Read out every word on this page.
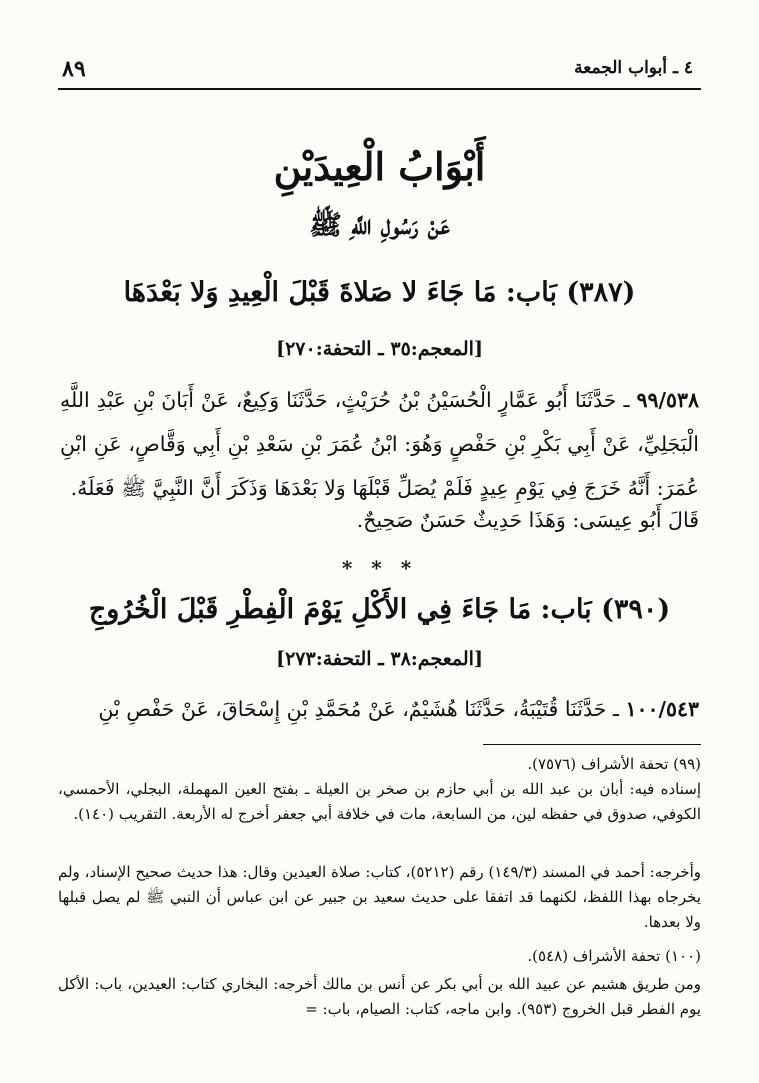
٨٩	٤ ـ أبواب الجمعة
أَبْوَابُ الْعِيدَيْنِ
عَنْ رَسُولِ اللَّهِ ﷺ
(٣٨٧) بَاب: مَا جَاءَ لا صَلاةَ قَبْلَ الْعِيدِ وَلا بَعْدَهَا
[المعجم:٣٥ ـ التحفة:٢٧٠]
٩٩/٥٣٨ ـ حَدَّثَنَا أَبُو عَمَّارٍ الْحُسَيْنُ بْنُ حُرَيْثٍ، حَدَّثَنَا وَكِيعٌ، عَنْ أَبَانَ بْنِ عَبْدِ اللَّهِ الْبَجَلِيِّ، عَنْ أَبِي بَكْرِ بْنِ حَفْصٍ وَهُوَ: ابْنُ عُمَرَ بْنِ سَعْدِ بْنِ أَبِي وَقَّاصٍ، عَنِ ابْنِ عُمَرَ: أَنَّهُ خَرَجَ فِي يَوْمِ عِيدٍ فَلَمْ يُصَلِّ قَبْلَهَا وَلا بَعْدَهَا وَذَكَرَ أَنَّ النَّبِيَّ ﷺ فَعَلَهُ.
قَالَ أَبُو عِيسَى: وَهَذَا حَدِيثٌ حَسَنٌ صَحِيحٌ.
* * *
(٣٩٠) بَاب: مَا جَاءَ فِي الأَكْلِ يَوْمَ الْفِطْرِ قَبْلَ الْخُرُوجِ
[المعجم:٣٨ ـ التحفة:٢٧٣]
١٠٠/٥٤٣ ـ حَدَّثَنَا قُتَيْبَةُ، حَدَّثَنَا هُشَيْمٌ، عَنْ مُحَمَّدِ بْنِ إِسْحَاقَ، عَنْ حَفْصِ بْنِ
(٩٩) تحفة الأشراف (٧٥٧٦).
إسناده فيه: أبان بن عبد الله بن أبي حازم بن صخر بن العيلة ـ بفتح العين المهملة، البجلي، الأحمسي، الكوفي، صدوق في حفظه لين، من السابعة، مات في خلافة أبي جعفر أخرج له الأربعة. التقريب (١٤٠).
وأخرجه: أحمد في المسند (١٤٩/٣) رقم (٥٢١٢)، كتاب: صلاة العيدين وقال: هذا حديث صحيح الإسناد، ولم يخرجاه بهذا اللفظ، لكنهما قد اتفقا على حديث سعيد بن جبير عن ابن عباس أن النبي ﷺ لم يصل قبلها ولا بعدها.
(١٠٠) تحفة الأشراف (٥٤٨).
ومن طريق هشيم عن عبيد الله بن أبي بكر عن أنس بن مالك أخرجه: البخاري كتاب: العيدين، باب: الأكل يوم الفطر قبل الخروج (٩٥٣). وابن ماجه، كتاب: الصيام، باب: =
